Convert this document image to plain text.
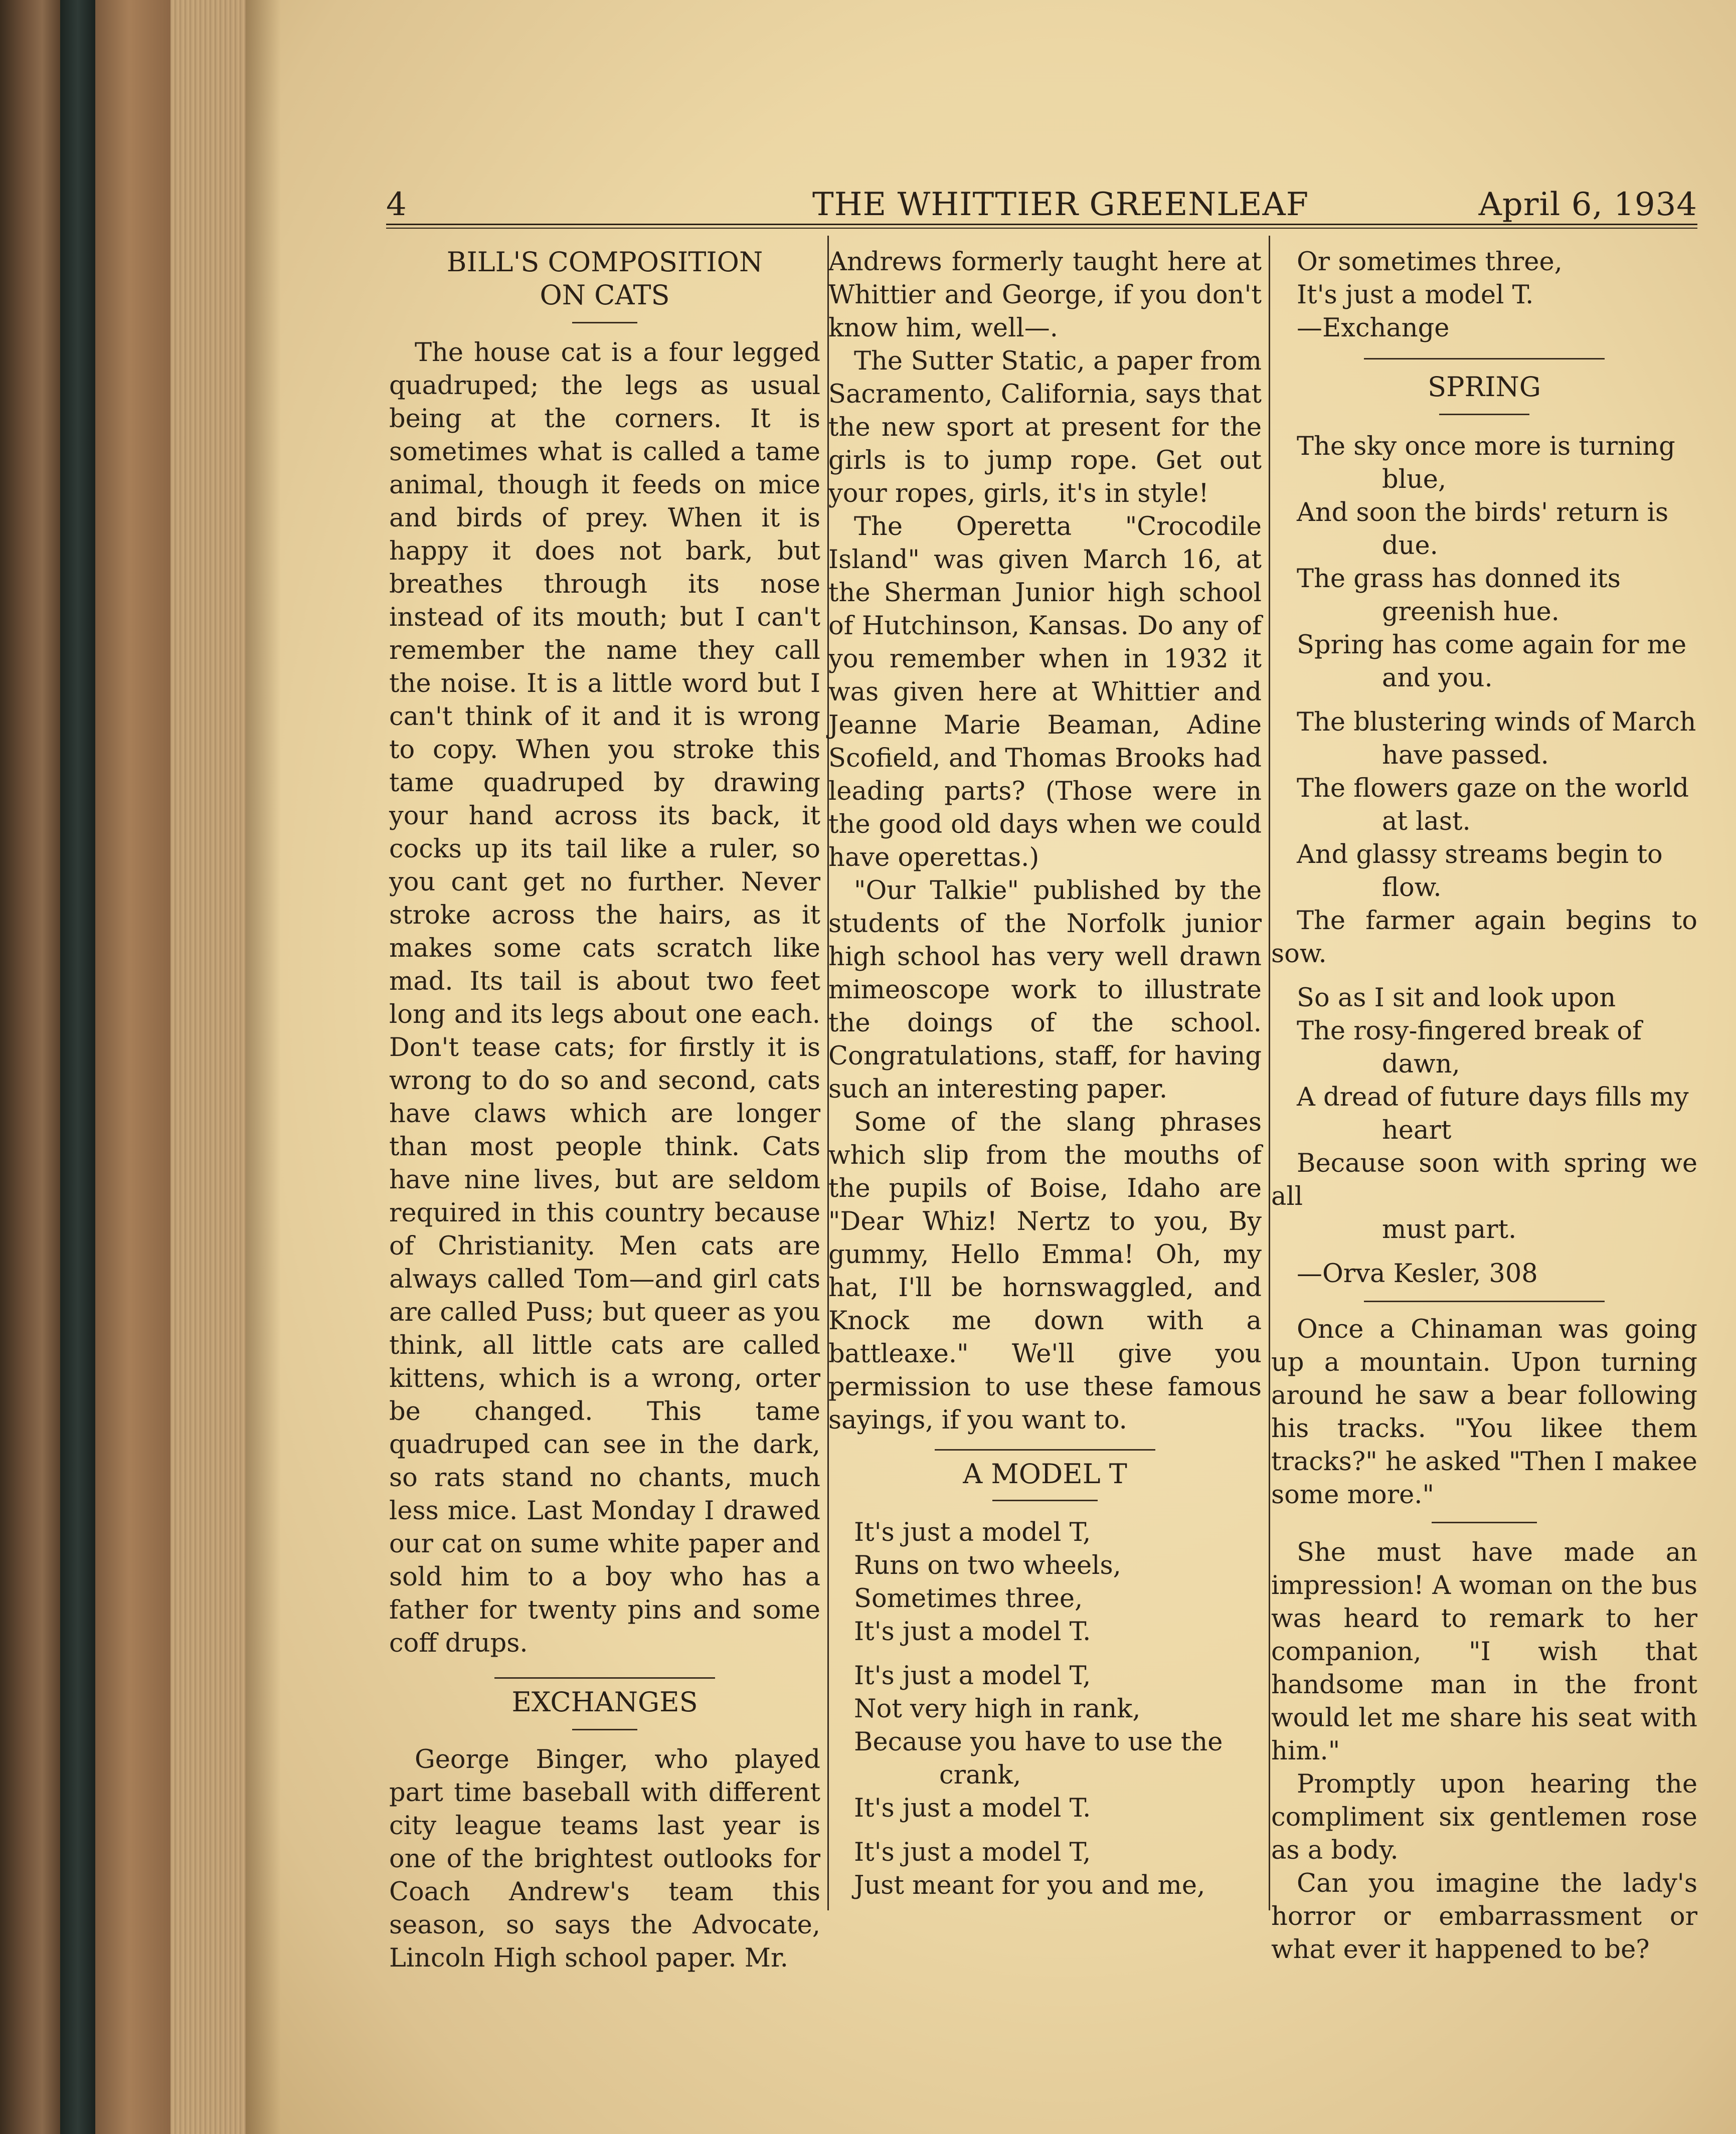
4	THE WHITTIER GREENLEAF	April 6, 1934
BILL'S COMPOSITION
ON CATS

The house cat is a four legged quadruped; the legs as usual being at the corners. It is sometimes what is called a tame animal, though it feeds on mice and birds of prey. When it is happy it does not bark, but breathes through its nose instead of its mouth; but I can't remember the name they call the noise. It is a little word but I can't think of it and it is wrong to copy. When you stroke this tame quadruped by drawing your hand across its back, it cocks up its tail like a ruler, so you cant get no further. Never stroke across the hairs, as it makes some cats scratch like mad. Its tail is about two feet long and its legs about one each. Don't tease cats; for firstly it is wrong to do so and second, cats have claws which are longer than most people think. Cats have nine lives, but are seldom required in this country because of Christianity. Men cats are always called Tom—and girl cats are called Puss; but queer as you think, all little cats are called kittens, which is a wrong, orter be changed. This tame quadruped can see in the dark, so rats stand no chants, much less mice. Last Monday I drawed our cat on sume white paper and sold him to a boy who has a father for twenty pins and some coff drups.

EXCHANGES

George Binger, who played part time baseball with different city league teams last year is one of the brightest outlooks for Coach Andrew's team this season, so says the Advocate, Lincoln High school paper. Mr.

Andrews formerly taught here at Whittier and George, if you don't know him, well—.

The Sutter Static, a paper from Sacramento, California, says that the new sport at present for the girls is to jump rope. Get out your ropes, girls, it's in style!

The Operetta "Crocodile Island" was given March 16, at the Sherman Junior high school of Hutchinson, Kansas. Do any of you remember when in 1932 it was given here at Whittier and Jeanne Marie Beaman, Adine Scofield, and Thomas Brooks had leading parts? (Those were in the good old days when we could have operettas.)

"Our Talkie" published by the students of the Norfolk junior high school has very well drawn mimeoscope work to illustrate the doings of the school. Congratulations, staff, for having such an interesting paper.

Some of the slang phrases which slip from the mouths of the pupils of Boise, Idaho are "Dear Whiz! Nertz to you, By gummy, Hello Emma! Oh, my hat, I'll be hornswaggled, and Knock me down with a battleaxe." We'll give you permission to use these famous sayings, if you want to.

A MODEL T

It's just a model T,

Runs on two wheels,

Sometimes three,

It's just a model T.

It's just a model T,

Not very high in rank,

Because you have to use the

crank,

It's just a model T.

It's just a model T,

Just meant for you and me,

Or sometimes three,

It's just a model T.

—Exchange

SPRING

The sky once more is turning

blue,

And soon the birds' return is

due.

The grass has donned its

greenish hue.

Spring has come again for me

and you.

The blustering winds of March

have passed.

The flowers gaze on the world

at last.

And glassy streams begin to

flow.

The farmer again begins to sow.

So as I sit and look upon

The rosy-fingered break of

dawn,

A dread of future days fills my

heart

Because soon with spring we all

must part.

—Orva Kesler, 308

Once a Chinaman was going up a mountain. Upon turning around he saw a bear following his tracks. "You likee them tracks?" he asked "Then I makee some more."

She must have made an impression! A woman on the bus was heard to remark to her companion, "I wish that handsome man in the front would let me share his seat with him."

Promptly upon hearing the compliment six gentlemen rose as a body.

Can you imagine the lady's horror or embarrassment or what ever it happened to be?
